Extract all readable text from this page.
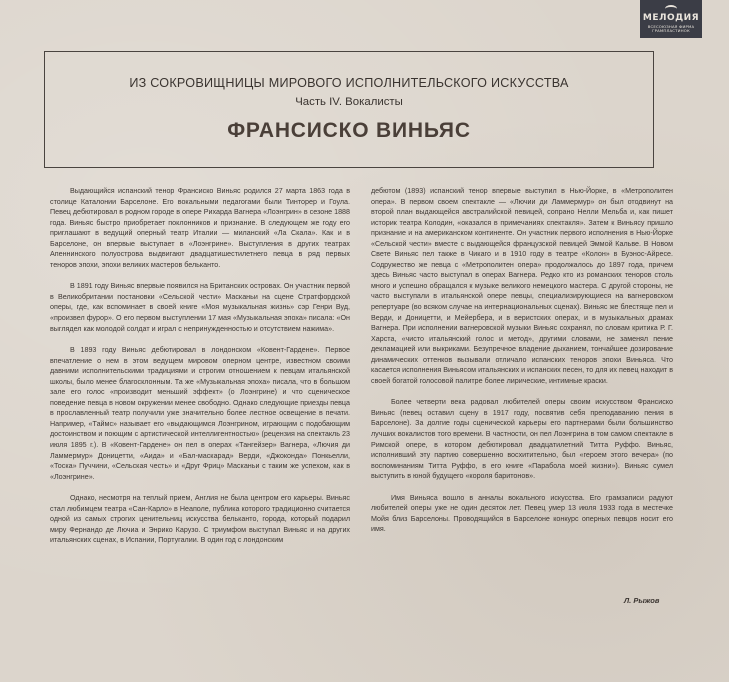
МЕЛОДИЯ
ВСЕСОЮЗНАЯ ФИРМА ГРАМПЛАСТИНОК
ИЗ СОКРОВИЩНИЦЫ МИРОВОГО ИСПОЛНИТЕЛЬСКОГО ИСКУССТВА
Часть IV. Вокалисты
ФРАНСИСКО ВИНЬЯС

Выдающийся испанский тенор Франсиско Виньяс родился 27 марта 1863 года в столице Каталонии Барселоне. Его вокальными педагогами были Тинторер и Гоула. Певец дебютировал в родном городе в опере Рихарда Вагнера «Лоэнгрин» в сезоне 1888 года. Виньяс быстро приобретает поклонников и признание. В следующем же году его приглашают в ведущий оперный театр Италии — миланский «Ла Скала». Как и в Барселоне, он впервые выступает в «Лоэнгрине». Выступления в других театрах Апеннинского полуострова выдвигают двадцатишестилетнего певца в ряд первых теноров эпохи, эпохи великих мастеров бельканто.

В 1891 году Виньяс впервые появился на Британских островах. Он участник первой в Великобритании постановки «Сельской чести» Масканьи на сцене Стратфордской оперы, где, как вспоминает в своей книге «Моя музыкальная жизнь» сэр Генри Вуд, «произвел фурор». О его первом выступлении 17 мая «Музыкальная эпоха» писала: «Он выглядел как молодой солдат и играл с непринужденностью и отсутствием нажима».

В 1893 году Виньяс дебютировал в лондонском «Ковент-Гардене». Первое впечатление о нем в этом ведущем мировом оперном центре, известном своими давними исполнительскими традициями и строгим отношением к певцам итальянской школы, было менее благосклонным. Та же «Музыкальная эпоха» писала, что в большом зале его голос «производит меньший эффект» (о Лоэнгрине) и что сценическое поведение певца в новом окружении менее свободно. Однако следующие приезды певца в прославленный театр получили уже значительно более лестное освещение в печати. Например, «Таймс» называет его «выдающимся Лоэнгрином, играющим с подобающим достоинством и поющим с артистической интеллигентностью» (рецензия на спектакль 23 июля 1895 г.). В «Ковент-Гардене» он пел в операх «Тангейзер» Вагнера, «Лючия ди Ламмермур» Доницетти, «Аида» и «Бал-маскарад» Верди, «Джоконда» Понкьелли, «Тоска» Пуччини, «Сельская честь» и «Друг Фриц» Масканьи с таким же успехом, как в «Лоэнгрине».

Однако, несмотря на теплый прием, Англия не была центром его карьеры. Виньяс стал любимцем театра «Сан-Карло» в Неаполе, публика которого традиционно считается одной из самых строгих ценительниц искусства бельканто, города, который подарил миру Фернандо де Лючиа и Энрико Карузо. С триумфом выступал Виньяс и на других итальянских сценах, в Испании, Португалии. В один год с лондонским

дебютом (1893) испанский тенор впервые выступил в Нью-Йорке, в «Метрополитен опера». В первом своем спектакле — «Лючии ди Ламмермур» он был отодвинут на второй план выдающейся австралийской певицей, сопрано Нелли Мельба и, как пишет историк театра Колодин, «оказался в примечаниях спектакля». Затем к Виньясу пришло признание и на американском континенте. Он участник первого исполнения в Нью-Йорке «Сельской чести» вместе с выдающейся французской певицей Эммой Кальве. В Новом Свете Виньяс пел также в Чикаго и в 1910 году в театре «Колон» в Буэнос-Айресе. Содружество же певца с «Метрополитен опера» продолжалось до 1897 года, причем здесь Виньяс часто выступал в операх Вагнера. Редко кто из романских теноров столь много и успешно обращался к музыке великого немецкого мастера. С другой стороны, не часто выступали в итальянской опере певцы, специализирующиеся на вагнеровском репертуаре (во всяком случае на интернациональных сценах). Виньяс же блестяще пел и Верди, и Доницетти, и Мейербера, и в веристских операх, и в музыкальных драмах Вагнера. При исполнении вагнеровской музыки Виньяс сохранял, по словам критика Р. Г. Харста, «чисто итальянский голос и метод», другими словами, не заменял пение декламацией или выкриками. Безупречное владение дыханием, тончайшее дозирование динамических оттенков вызывали отличало испанских теноров эпохи Виньяса. Что касается исполнения Виньясом итальянских и испанских песен, то для их певец находит в своей богатой голосовой палитре более лирические, интимные краски.

Более четверти века радовал любителей оперы своим искусством Франсиско Виньяс (певец оставил сцену в 1917 году, посвятив себя преподаванию пения в Барселоне). За долгие годы сценической карьеры его партнерами были большинство лучших вокалистов того времени. В частности, он пел Лоэнгрина в том самом спектакле в Римской опере, в котором дебютировал двадцатилетний Титта Руффо. Виньяс, исполнивший эту партию совершенно восхитительно, был «героем этого вечера» (по воспоминаниям Титта Руффо, в его книге «Парабола моей жизни»). Виньяс сумел выступить в юной будущего «короля баритонов».

Имя Виньяса вошло в анналы вокального искусства. Его грамзаписи радуют любителей оперы уже не один десяток лет. Певец умер 13 июля 1933 года в местечке Мойя близ Барселоны. Проводящийся в Барселоне конкурс оперных певцов носит его имя.

Л. Рыжов
